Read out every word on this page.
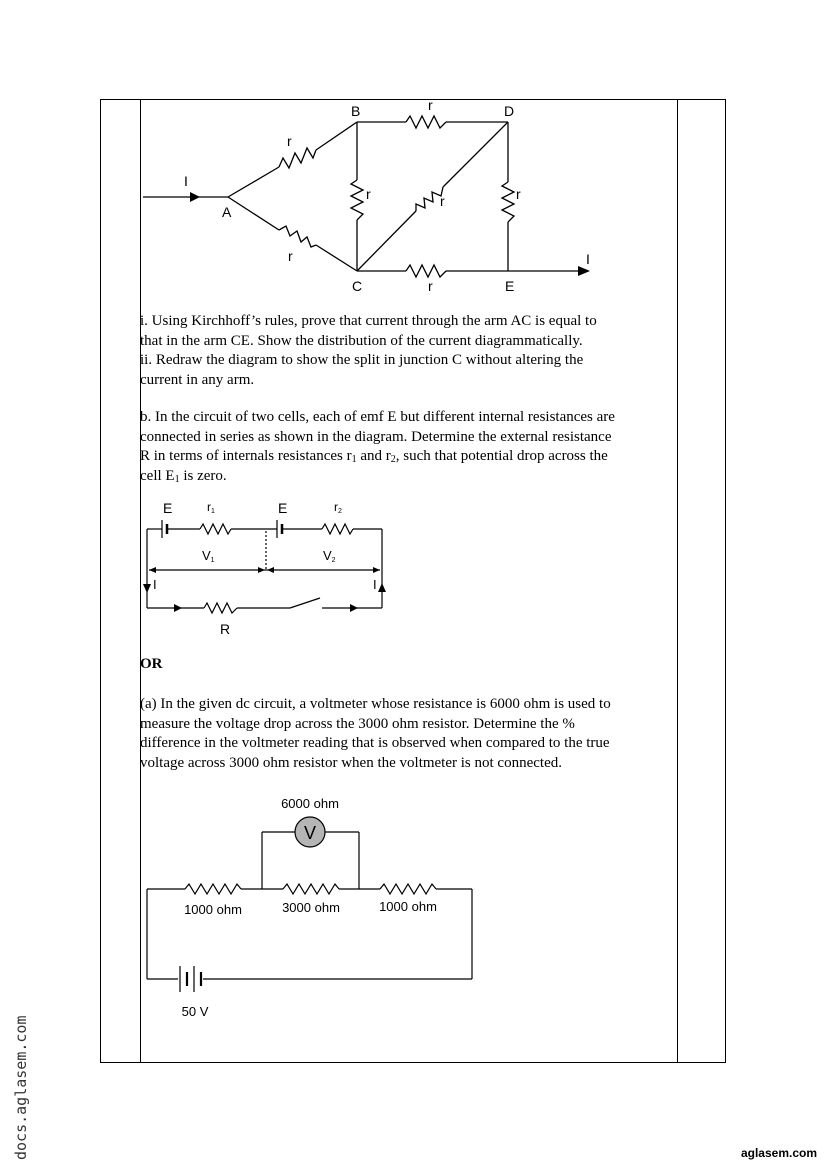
I
I
A
B
C
D
E
r
r
r
r	r	r
r
i. Using Kirchhoff’s rules, prove that current through the arm AC is equal to
that in the arm CE. Show the distribution of the current diagrammatically.
ii. Redraw the diagram to show the split in junction C without altering the
current in any arm.
b. In the circuit of two cells, each of emf E but different internal resistances are
connected in series as shown in the diagram. Determine the external resistance
R in terms of internals resistances $r_1$ and $r_2$, such that potential drop across the
cell $E_1$ is zero.
E	E
r1	r2
V1	V2
I	I
R
OR
(a) In the given dc circuit, a voltmeter whose resistance is 6000 ohm is used to
measure the voltage drop across the 3000 ohm resistor. Determine the %
difference in the voltmeter reading that is observed when compared to the true
voltage across 3000 ohm resistor when the voltmeter is not connected.
V
6000 ohm
1000 ohm	3000 ohm	1000 ohm
50 V
docs.aglasem.com	aglasem.com
